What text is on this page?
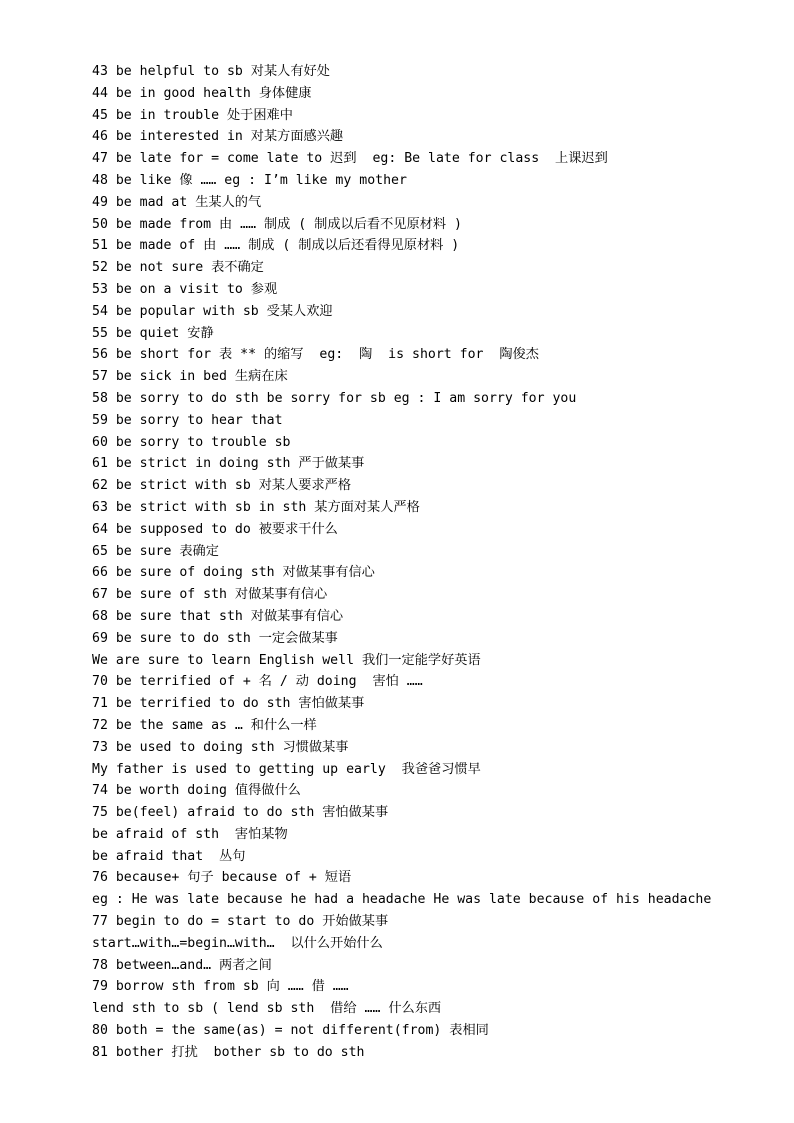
43 be helpful to sb 对某人有好处
44 be in good health 身体健康
45 be in trouble 处于困难中
46 be interested in 对某方面感兴趣
47 be late for = come late to 迟到  eg: Be late for class  上课迟到
48 be like 像 …… eg : I’m like my mother
49 be mad at 生某人的气
50 be made from 由 …… 制成 ( 制成以后看不见原材料 )
51 be made of 由 …… 制成 ( 制成以后还看得见原材料 )
52 be not sure 表不确定
53 be on a visit to 参观
54 be popular with sb 受某人欢迎
55 be quiet 安静
56 be short for 表 ** 的缩写  eg:  陶  is short for  陶俊杰
57 be sick in bed 生病在床
58 be sorry to do sth be sorry for sb eg : I am sorry for you
59 be sorry to hear that
60 be sorry to trouble sb
61 be strict in doing sth 严于做某事
62 be strict with sb 对某人要求严格
63 be strict with sb in sth 某方面对某人严格
64 be supposed to do 被要求干什么
65 be sure 表确定
66 be sure of doing sth 对做某事有信心
67 be sure of sth 对做某事有信心
68 be sure that sth 对做某事有信心
69 be sure to do sth 一定会做某事
We are sure to learn English well 我们一定能学好英语
70 be terrified of + 名 / 动 doing  害怕 ……
71 be terrified to do sth 害怕做某事
72 be the same as … 和什么一样
73 be used to doing sth 习惯做某事
My father is used to getting up early  我爸爸习惯早
74 be worth doing 值得做什么
75 be(feel) afraid to do sth 害怕做某事
be afraid of sth  害怕某物
be afraid that  丛句
76 because+ 句子 because of + 短语
eg : He was late because he had a headache He was late because of his headache
77 begin to do = start to do 开始做某事
start…with…=begin…with…  以什么开始什么
78 between…and… 两者之间
79 borrow sth from sb 向 …… 借 ……
lend sth to sb ( lend sb sth  借给 …… 什么东西
80 both = the same(as) = not different(from) 表相同
81 bother 打扰  bother sb to do sth
